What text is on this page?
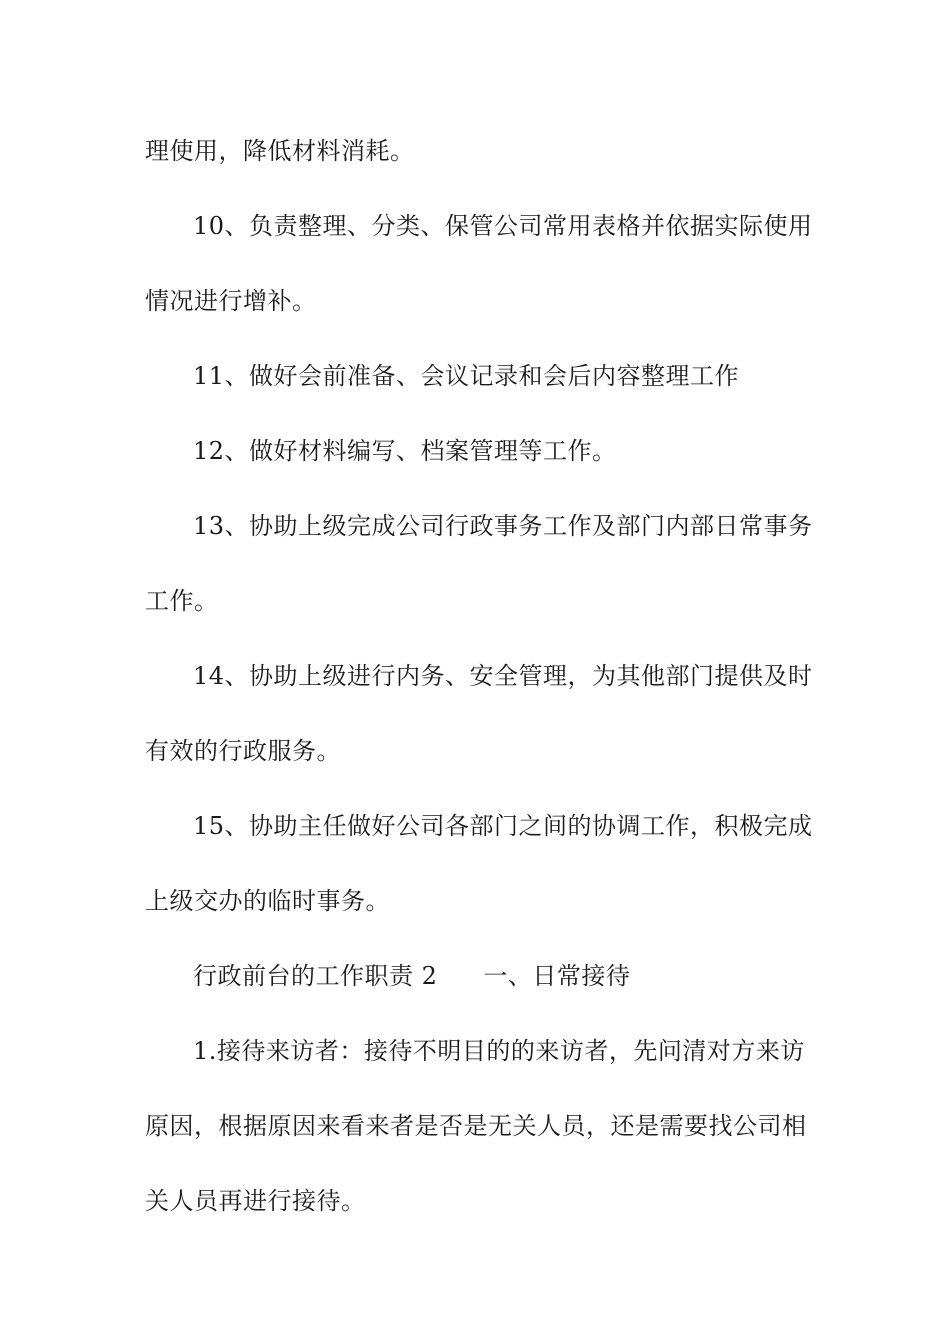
理使用，降低材料消耗。
10、负责整理、分类、保管公司常用表格并依据实际使用
情况进行增补。
11、做好会前准备、会议记录和会后内容整理工作
12、做好材料编写、档案管理等工作。
13、协助上级完成公司行政事务工作及部门内部日常事务
工作。
14、协助上级进行内务、安全管理，为其他部门提供及时
有效的行政服务。
15、协助主任做好公司各部门之间的协调工作，积极完成
上级交办的临时事务。
行政前台的工作职责 2 一、日常接待
1.接待来访者：接待不明目的的来访者，先问清对方来访
原因，根据原因来看来者是否是无关人员，还是需要找公司相
关人员再进行接待。
